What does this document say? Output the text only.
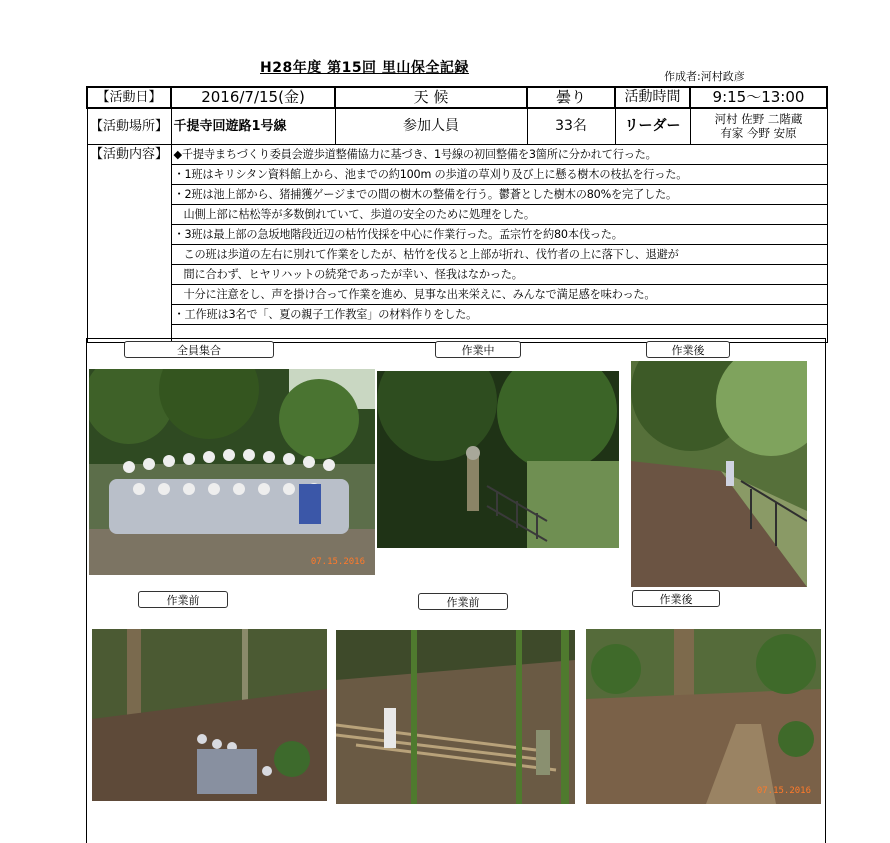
H28年度 第15回 里山保全記録
作成者:河村政彦
【活動日】	2016/7/15(金)	天 候	曇り	活動時間	9:15～13:00
【活動場所】	千提寺回遊路1号線	参加人員	33名	リーダー	河村 佐野 二階蔵
有家 今野 安原

【活動内容】	◆千提寺まちづくり委員会遊歩道整備協力に基づき、1号線の初回整備を3箇所に分かれて行った。				
	・1班はキリシタン資料館上から、池までの約100m の歩道の草刈り及び上に懸る樹木の枝払を行った。				
	・2班は池上部から、猪捕獲ゲージまでの間の樹木の整備を行う。鬱蒼とした樹木の80%を完了した。				
	山側上部に枯松等が多数倒れていて、歩道の安全のために処理をした。				
	・3班は最上部の急坂地階段近辺の枯竹伐採を中心に作業行った。孟宗竹を約80本伐った。				
	この班は歩道の左右に別れて作業をしたが、枯竹を伐ると上部が折れ、伐竹者の上に落下し、退避が				
	間に合わず、ヒヤリハットの続発であったが幸い、怪我はなかった。				
	十分に注意をし、声を掛け合って作業を進め、見事な出来栄えに、みんなで満足感を味わった。				
	・工作班は3名で「、夏の親子工作教室」の材料作りをした。				

全員集合	作業中	作業後
07.15.2016
作業前	作業前	作業後
07.15.2016
